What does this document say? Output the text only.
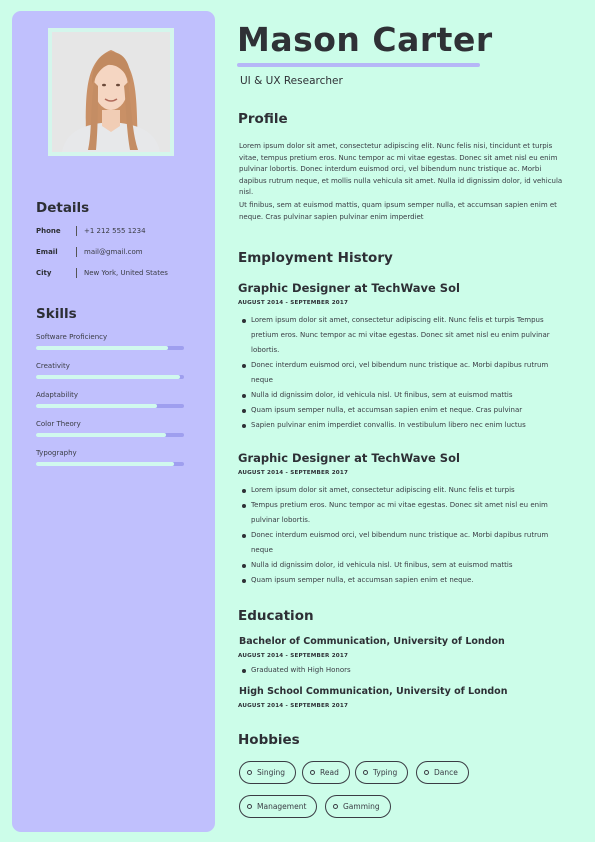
Details
Phone	+1 212 555 1234
Email	mail@gmail.com
City	New York, United States
Skills
Software Proficiency
Creativity
Adaptability
Color Theory
Typography
Mason Carter
UI & UX Researcher
Profile
Lorem ipsum dolor sit amet, consectetur adipiscing elit. Nunc felis nisi, tincidunt et turpis vitae, tempus pretium eros. Nunc tempor ac mi vitae egestas. Donec sit amet nisl eu enim pulvinar lobortis. Donec interdum euismod orci, vel bibendum nunc tristique ac. Morbi dapibus rutrum neque, et mollis nulla vehicula sit amet. Nulla id dignissim dolor, id vehicula nisl.
Ut finibus, sem at euismod mattis, quam ipsum semper nulla, et accumsan sapien enim et neque. Cras pulvinar sapien pulvinar enim imperdiet
Employment History
Graphic Designer at TechWave Sol
AUGUST 2014 - SEPTEMBER 2017
Lorem ipsum dolor sit amet, consectetur adipiscing elit. Nunc felis et turpis Tempus pretium eros. Nunc tempor ac mi vitae egestas. Donec sit amet nisl eu enim pulvinar lobortis.
Donec interdum euismod orci, vel bibendum nunc tristique ac. Morbi dapibus rutrum neque
Nulla id dignissim dolor, id vehicula nisl. Ut finibus, sem at euismod mattis
Quam ipsum semper nulla, et accumsan sapien enim et neque. Cras pulvinar
Sapien pulvinar enim imperdiet convallis. In vestibulum libero nec enim luctus
Graphic Designer at TechWave Sol
AUGUST 2014 - SEPTEMBER 2017
Lorem ipsum dolor sit amet, consectetur adipiscing elit. Nunc felis et turpis
Tempus pretium eros. Nunc tempor ac mi vitae egestas. Donec sit amet nisl eu enim pulvinar lobortis.
Donec interdum euismod orci, vel bibendum nunc tristique ac. Morbi dapibus rutrum neque
Nulla id dignissim dolor, id vehicula nisl. Ut finibus, sem at euismod mattis
Quam ipsum semper nulla, et accumsan sapien enim et neque.
Education
Bachelor of Communication, University of London
AUGUST 2014 - SEPTEMBER 2017
Graduated with High Honors
High School Communication, University of London
AUGUST 2014 - SEPTEMBER 2017
Hobbies
Singing	Read	Typing	Dance
Management	Gamming
